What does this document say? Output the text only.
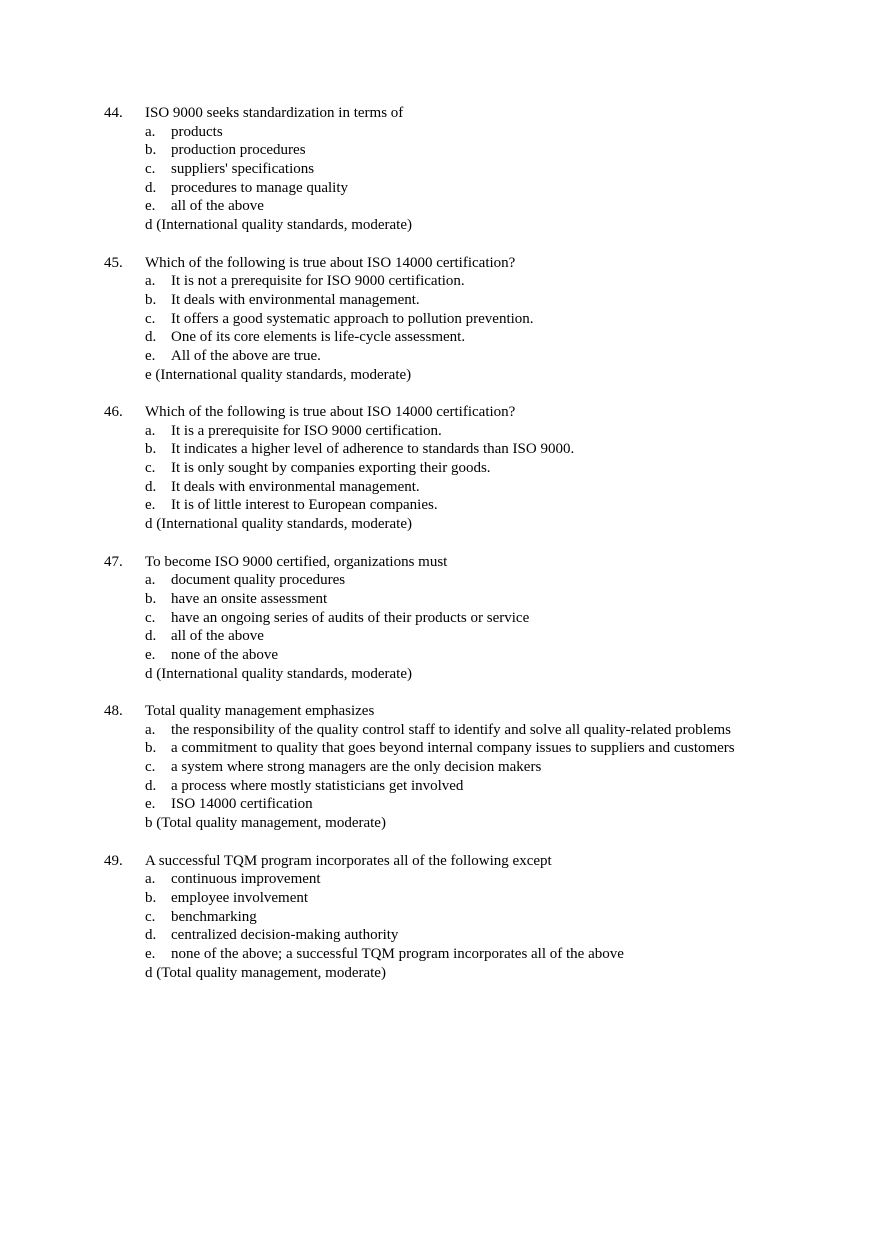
44. ISO 9000 seeks standardization in terms of
a. products
b. production procedures
c. suppliers' specifications
d. procedures to manage quality
e. all of the above
d (International quality standards, moderate)
45. Which of the following is true about ISO 14000 certification?
a. It is not a prerequisite for ISO 9000 certification.
b. It deals with environmental management.
c. It offers a good systematic approach to pollution prevention.
d. One of its core elements is life-cycle assessment.
e. All of the above are true.
e (International quality standards, moderate)
46. Which of the following is true about ISO 14000 certification?
a. It is a prerequisite for ISO 9000 certification.
b. It indicates a higher level of adherence to standards than ISO 9000.
c. It is only sought by companies exporting their goods.
d. It deals with environmental management.
e. It is of little interest to European companies.
d (International quality standards, moderate)
47. To become ISO 9000 certified, organizations must
a. document quality procedures
b. have an onsite assessment
c. have an ongoing series of audits of their products or service
d. all of the above
e. none of the above
d (International quality standards, moderate)
48. Total quality management emphasizes
a. the responsibility of the quality control staff to identify and solve all quality-related problems
b. a commitment to quality that goes beyond internal company issues to suppliers and customers
c. a system where strong managers are the only decision makers
d. a process where mostly statisticians get involved
e. ISO 14000 certification
b (Total quality management, moderate)
49. A successful TQM program incorporates all of the following except
a. continuous improvement
b. employee involvement
c. benchmarking
d. centralized decision-making authority
e. none of the above; a successful TQM program incorporates all of the above
d (Total quality management, moderate)
